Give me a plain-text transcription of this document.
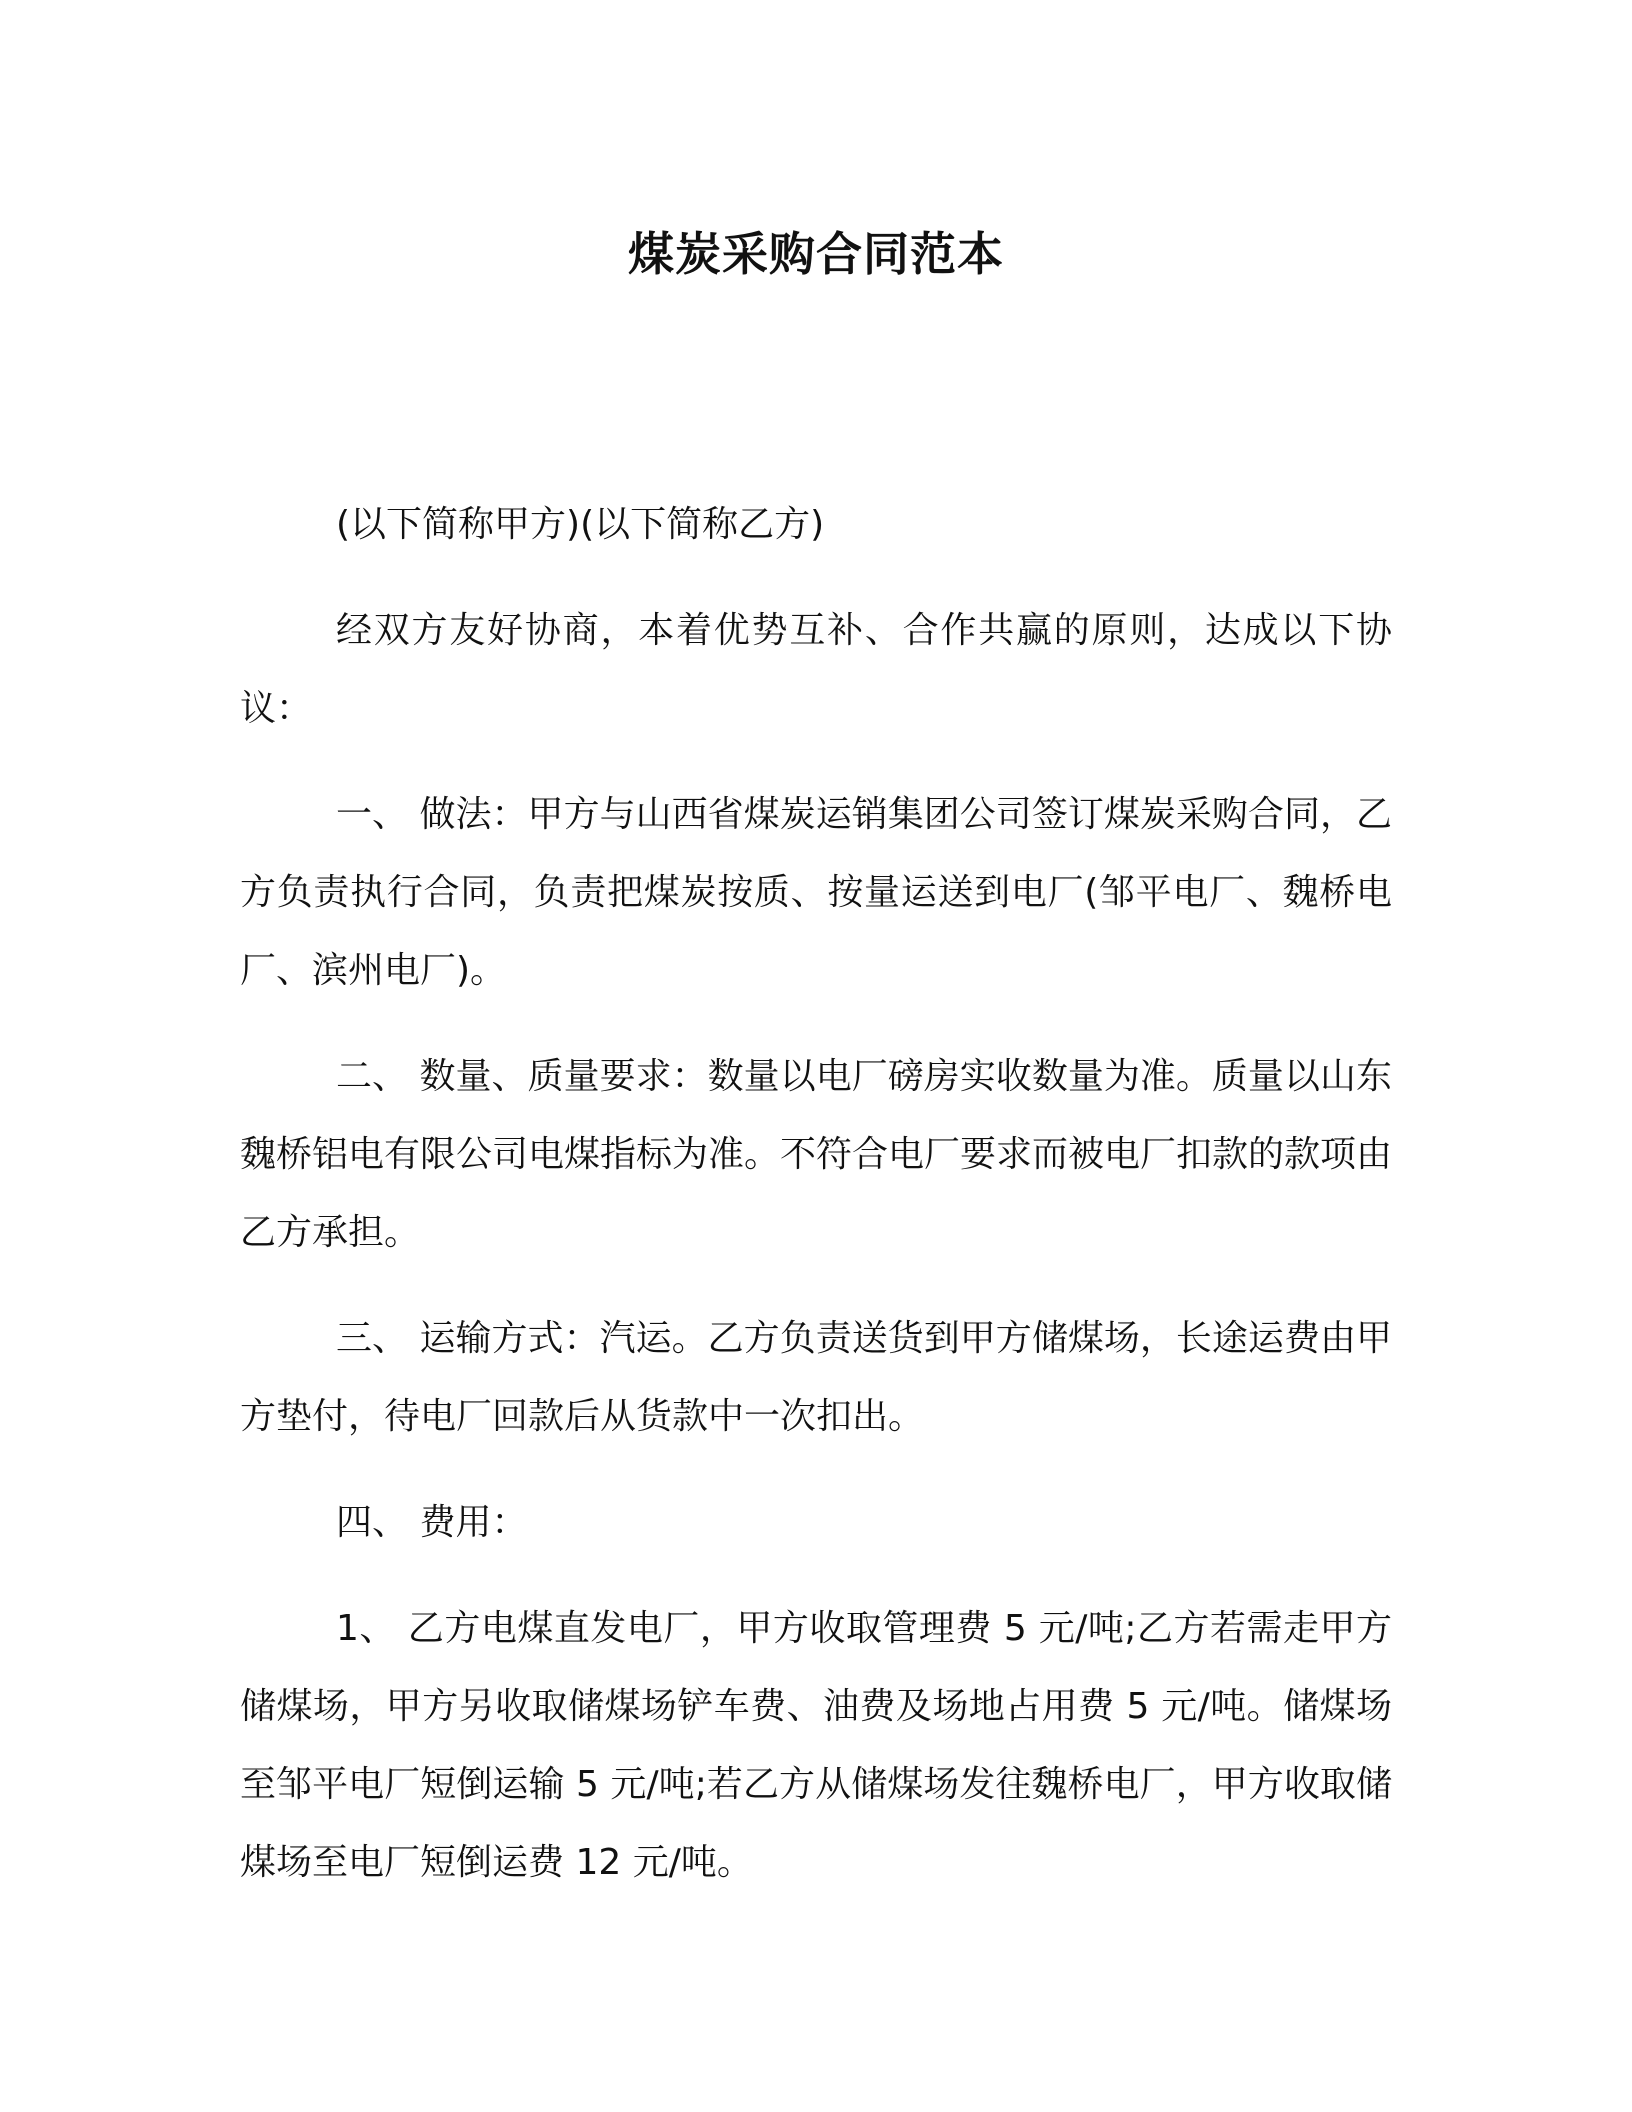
煤炭采购合同范本

(以下简称甲方)(以下简称乙方)

经双方友好协商，本着优势互补、合作共赢的原则，达成以下协议：

一、 做法：甲方与山西省煤炭运销集团公司签订煤炭采购合同，乙方负责执行合同，负责把煤炭按质、按量运送到电厂(邹平电厂、魏桥电厂、滨州电厂)。

二、 数量、质量要求：数量以电厂磅房实收数量为准。质量以山东魏桥铝电有限公司电煤指标为准。不符合电厂要求而被电厂扣款的款项由乙方承担。

三、 运输方式：汽运。乙方负责送货到甲方储煤场，长途运费由甲方垫付，待电厂回款后从货款中一次扣出。

四、 费用：

1、 乙方电煤直发电厂，甲方收取管理费 5 元/吨;乙方若需走甲方储煤场，甲方另收取储煤场铲车费、油费及场地占用费 5 元/吨。储煤场至邹平电厂短倒运输 5 元/吨;若乙方从储煤场发往魏桥电厂，甲方收取储煤场至电厂短倒运费 12 元/吨。
